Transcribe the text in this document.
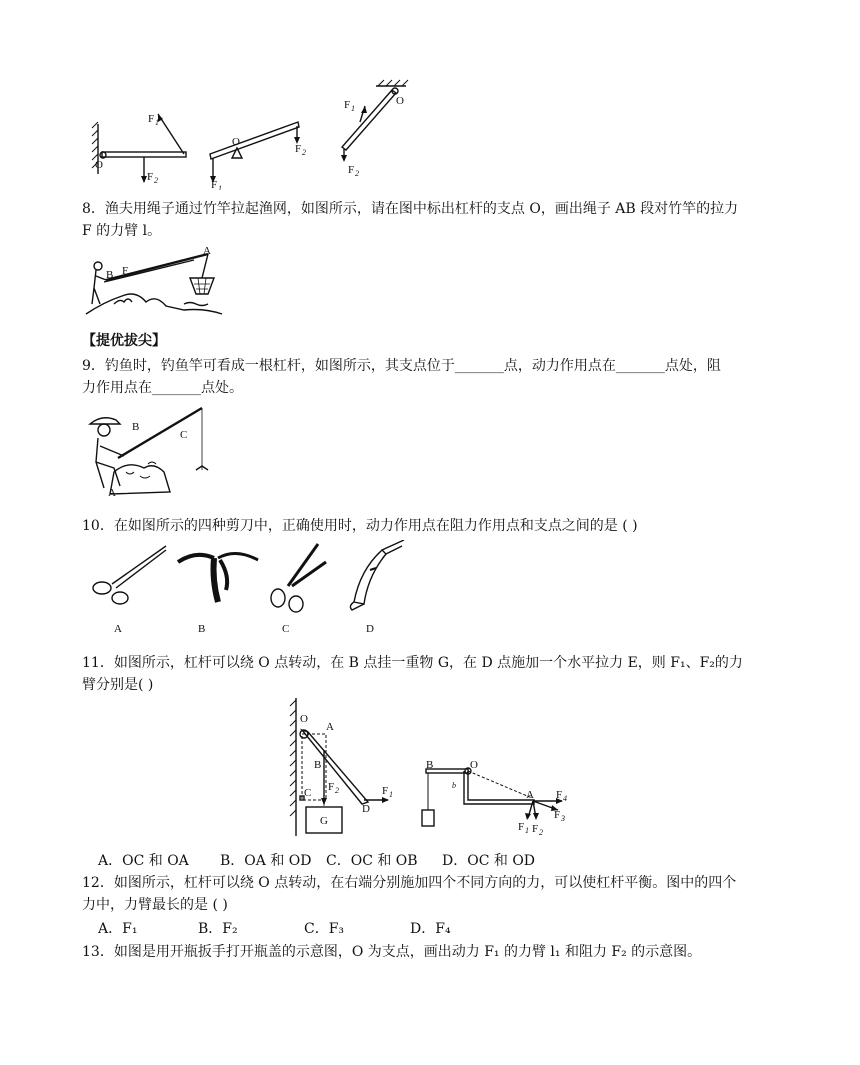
O
F 1
F 2
O
F 1
F 2
O
F 1
F 2
8．渔夫用绳子通过竹竿拉起渔网，如图所示，请在图中标出杠杆的支点 O，画出绳子 AB 段对竹竿的拉力
F 的力臂 l。
A
B F
【提优拔尖】
9．钓鱼时，钓鱼竿可看成一根杠杆，如图所示，其支点位于_______点，动力作用点在_______点处，阻
力作用点在_______点处。
A
B
C
10．在如图所示的四种剪刀中，正确使用时，动力作用点在阻力作用点和支点之间的是 ( )
A	B	C	D
11．如图所示，杠杆可以绕 O 点转动，在 B 点挂一重物 G，在 D 点施加一个水平拉力 E，则 F₁、F₂的力
臂分别是( )
O
A
B
C
D
F 2	F 1
G
B	O
A
b
F 4
F 3
F 1 F 2
A．OC 和 OA B．OA 和 OD C．OC 和 OB D．OC 和 OD
12．如图所示，杠杆可以绕 O 点转动，在右端分别施加四个不同方向的力，可以使杠杆平衡。图中的四个
力中，力臂最长的是 ( )
A．F₁	B．F₂	C．F₃	D．F₄
13．如图是用开瓶扳手打开瓶盖的示意图，O 为支点，画出动力 F₁ 的力臂 l₁ 和阻力 F₂ 的示意图。
